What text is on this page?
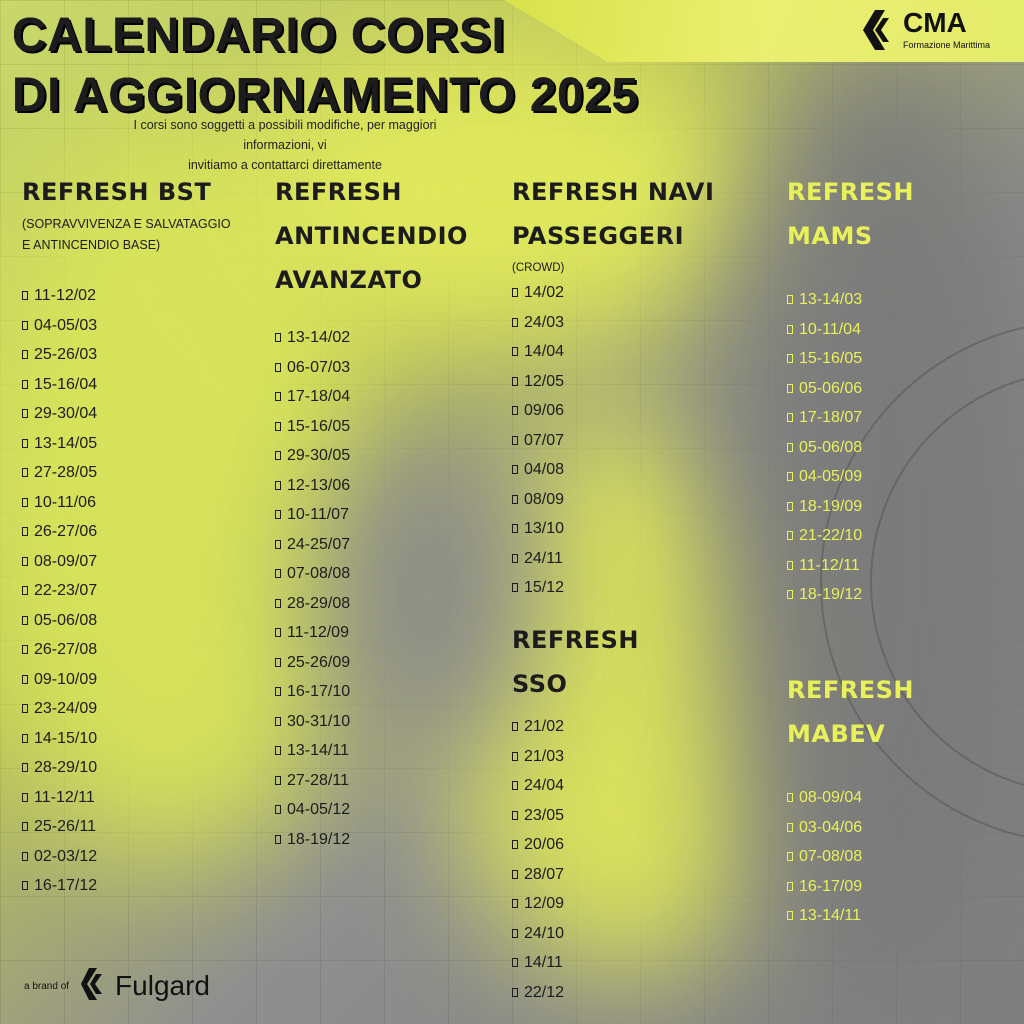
CALENDARIO CORSI
DI AGGIORNAMENTO 2025
I corsi sono soggetti a possibili modifiche, per maggiori informazioni, vi
invitiamo a contattarci direttamente
CMA
Formazione Marittima
REFRESH BST
(SOPRAVVIVENZA E SALVATAGGIO
E ANTINCENDIO BASE)
11-12/02
04-05/03
25-26/03
15-16/04
29-30/04
13-14/05
27-28/05
10-11/06
26-27/06
08-09/07
22-23/07
05-06/08
26-27/08
09-10/09
23-24/09
14-15/10
28-29/10
11-12/11
25-26/11
02-03/12
16-17/12
REFRESH
ANTINCENDIO
AVANZATO
13-14/02
06-07/03
17-18/04
15-16/05
29-30/05
12-13/06
10-11/07
24-25/07
07-08/08
28-29/08
11-12/09
25-26/09
16-17/10
30-31/10
13-14/11
27-28/11
04-05/12
18-19/12
REFRESH NAVI
PASSEGGERI
(CROWD)
14/02
24/03
14/04
12/05
09/06
07/07
04/08
08/09
13/10
24/11
15/12
REFRESH
SSO
21/02
21/03
24/04
23/05
20/06
28/07
12/09
24/10
14/11
22/12
REFRESH
MAMS
13-14/03
10-11/04
15-16/05
05-06/06
17-18/07
05-06/08
04-05/09
18-19/09
21-22/10
11-12/11
18-19/12
REFRESH
MABEV
08-09/04
03-04/06
07-08/08
16-17/09
13-14/11
a brand of Fulgard
